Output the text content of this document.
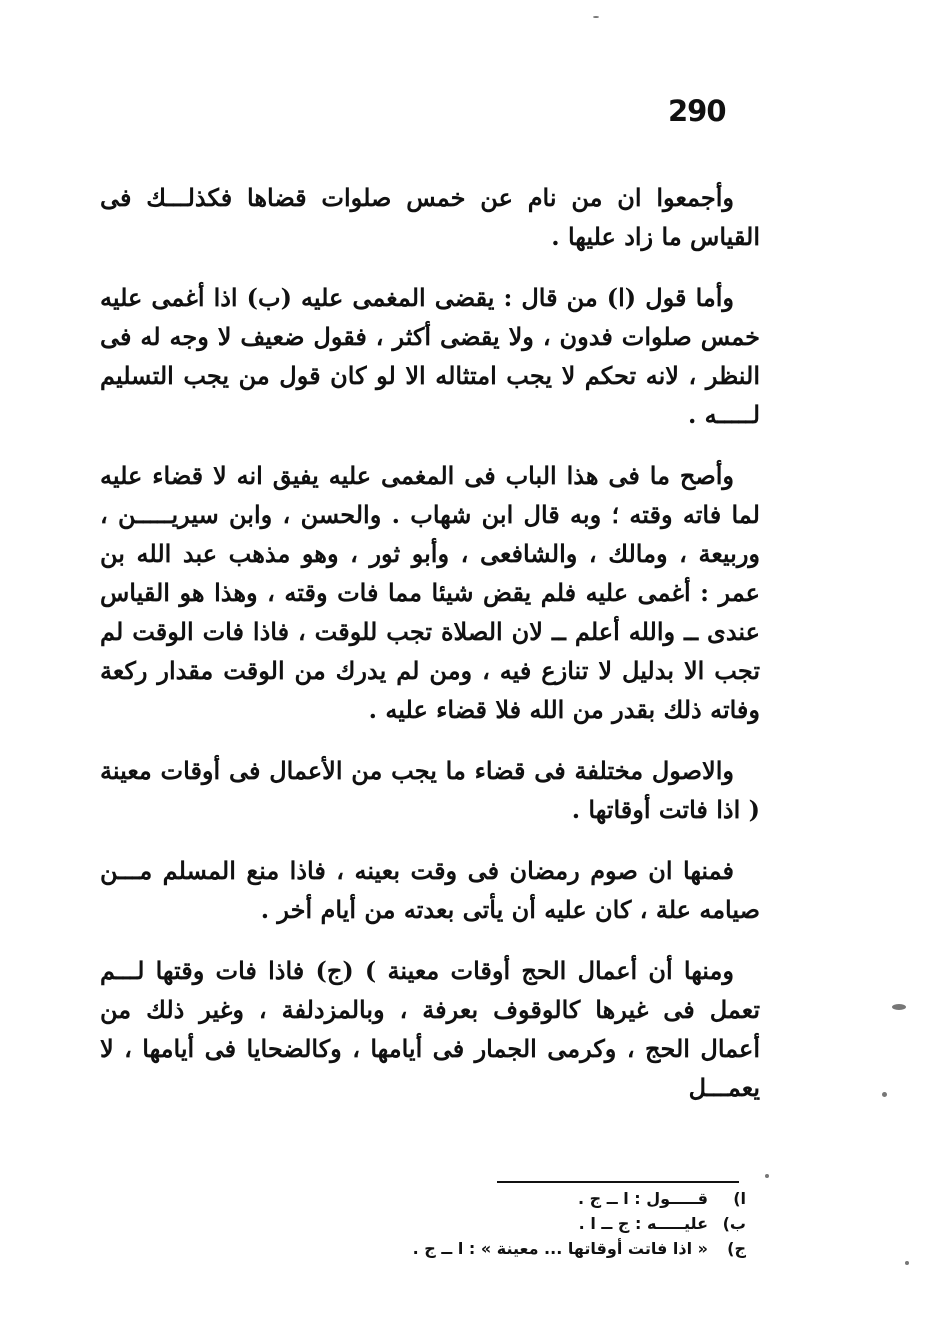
290

وأجمعوا ان من نام عن خمس صلوات قضاها فكذلـــك فى القياس ما زاد عليها .

وأما قول (ا) من قال : يقضى المغمى عليه (ب) اذا أغمى عليه خمس صلوات فدون ، ولا يقضى أكثر ، فقول ضعيف لا وجه له فى النظر ، لانه تحكم لا يجب امتثاله الا لو كان قول من يجب التسليم لـــــه .

وأصح ما فى هذا الباب فى المغمى عليه يفيق انه لا قضاء عليه لما فاته وقته ؛ وبه قال ابن شهاب . والحسن ، وابن سيريـــــن ، وربيعة ، ومالك ، والشافعى ، وأبو ثور ، وهو مذهب عبد الله بن عمر : أغمى عليه فلم يقض شيئا مما فات وقته ، وهذا هو القياس عندى ــ والله أعلم ــ لان الصلاة تجب للوقت ، فاذا فات الوقت لم تجب الا بدليل لا تنازع فيه ، ومن لم يدرك من الوقت مقدار ركعة وفاته ذلك بقدر من الله فلا قضاء عليه .

والاصول مختلفة فى قضاء ما يجب من الأعمال فى أوقات معينة ( اذا فاتت أوقاتها .

فمنها ان صوم رمضان فى وقت بعينه ، فاذا منع المسلم مـــن صيامه علة ، كان عليه أن يأتى بعدته من أيام أخر .

ومنها أن أعمال الحج أوقات معينة ) (ج) فاذا فات وقتها لـــم تعمل فى غيرها كالوقوف بعرفة ، وبالمزدلفة ، وغير ذلك من أعمال الحج ، وكرمى الجمار فى أيامها ، وكالضحايا فى أيامها ، لا يعمـــل

ا)
قـــــول : ا ــ ج .
ب)
عليـــــه : ج ــ ا .
ج)
« اذا فاتت أوقاتها ... معينة » : ا ــ ج .
